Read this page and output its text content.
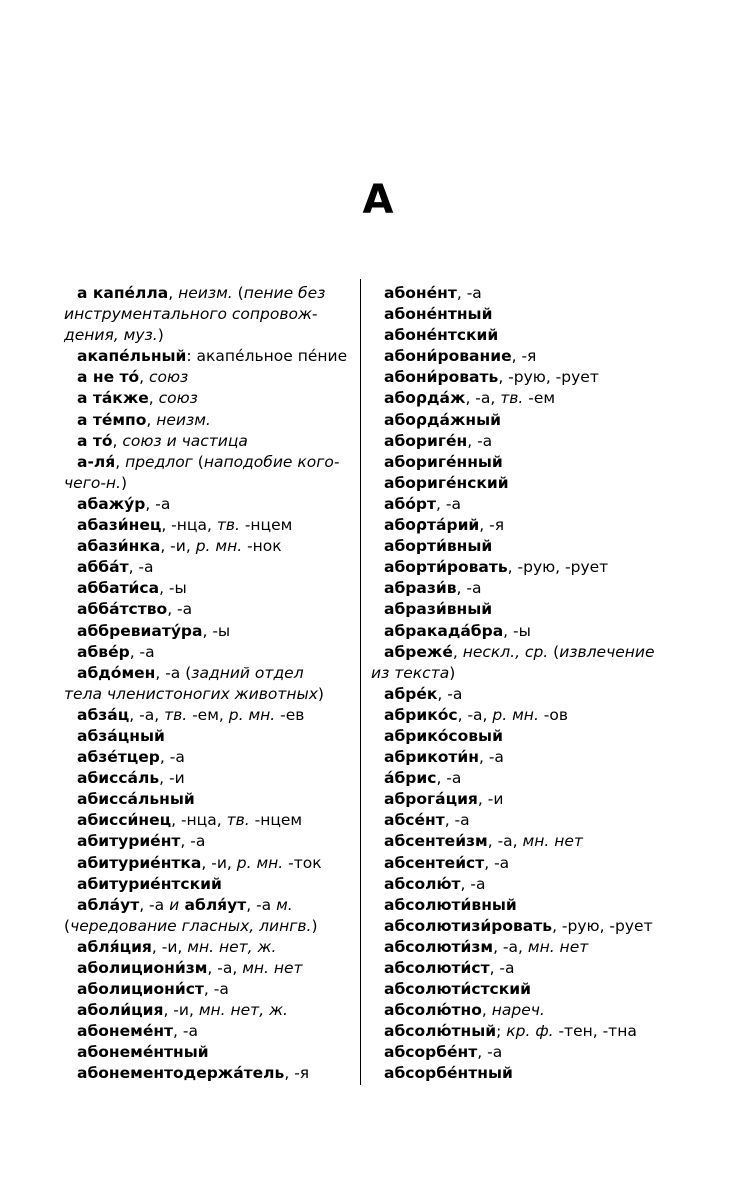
А
а капе́лла, неизм. (пение без
инструментального сопровож-
дения, муз.)
акапе́льный: акапе́льное пе́ние
а не то́, союз
а та́кже, союз
а те́мпо, неизм.
а то́, союз и частица
а-ля́, предлог (наподобие кого-
чего-н.)
абажу́р, -а
абази́нец, -нца, тв. -нцем
абази́нка, -и, р. мн. -нок
абба́т, -а
аббати́са, -ы
абба́тство, -а
аббревиату́ра, -ы
абве́р, -а
абдо́мен, -а (задний отдел
тела членистоногих животных)
абза́ц, -а, тв. -ем, р. мн. -ев
абза́цный
абзе́тцер, -а
абисса́ль, -и
абисса́льный
абисси́нец, -нца, тв. -нцем
абитурие́нт, -а
абитурие́нтка, -и, р. мн. -ток
абитурие́нтский
абла́ут, -а и абля́ут, -а м.
(чередование гласных, лингв.)
абля́ция, -и, мн. нет, ж.
аболициони́зм, -а, мн. нет
аболициони́ст, -а
аболи́ция, -и, мн. нет, ж.
абонеме́нт, -а
абонеме́нтный
абонементодержа́тель, -я
абоне́нт, -а
абоне́нтный
абоне́нтский
абони́рование, -я
абони́ровать, -рую, -рует
абορда́ж, -а, тв. -ем
абορда́жный
абориге́н, -а
абориге́нный
абориге́нский
або́рт, -а
абορта́рий, -я
аборти́вный
аборти́ровать, -рую, -рует
абрази́в, -а
абрази́вный
абракада́бра, -ы
абреже́, нескл., ср. (извлечение
из текста)
абре́к, -а
абрико́с, -а, р. мн. -ов
абрико́совый
абрикоти́н, -а
а́брис, -а
аброга́ция, -и
абсе́нт, -а
абсентеи́зм, -а, мн. нет
абсентеи́ст, -а
абсолю́т, -а
абсолюти́вный
абсолютизи́ровать, -рую, -рует
абсолюти́зм, -а, мн. нет
абсолюти́ст, -а
абсолюти́стский
абсолю́тно, нареч.
абсолю́тный; кр. ф. -тен, -тна
абсорбе́нт, -а
абсорбе́нтный
